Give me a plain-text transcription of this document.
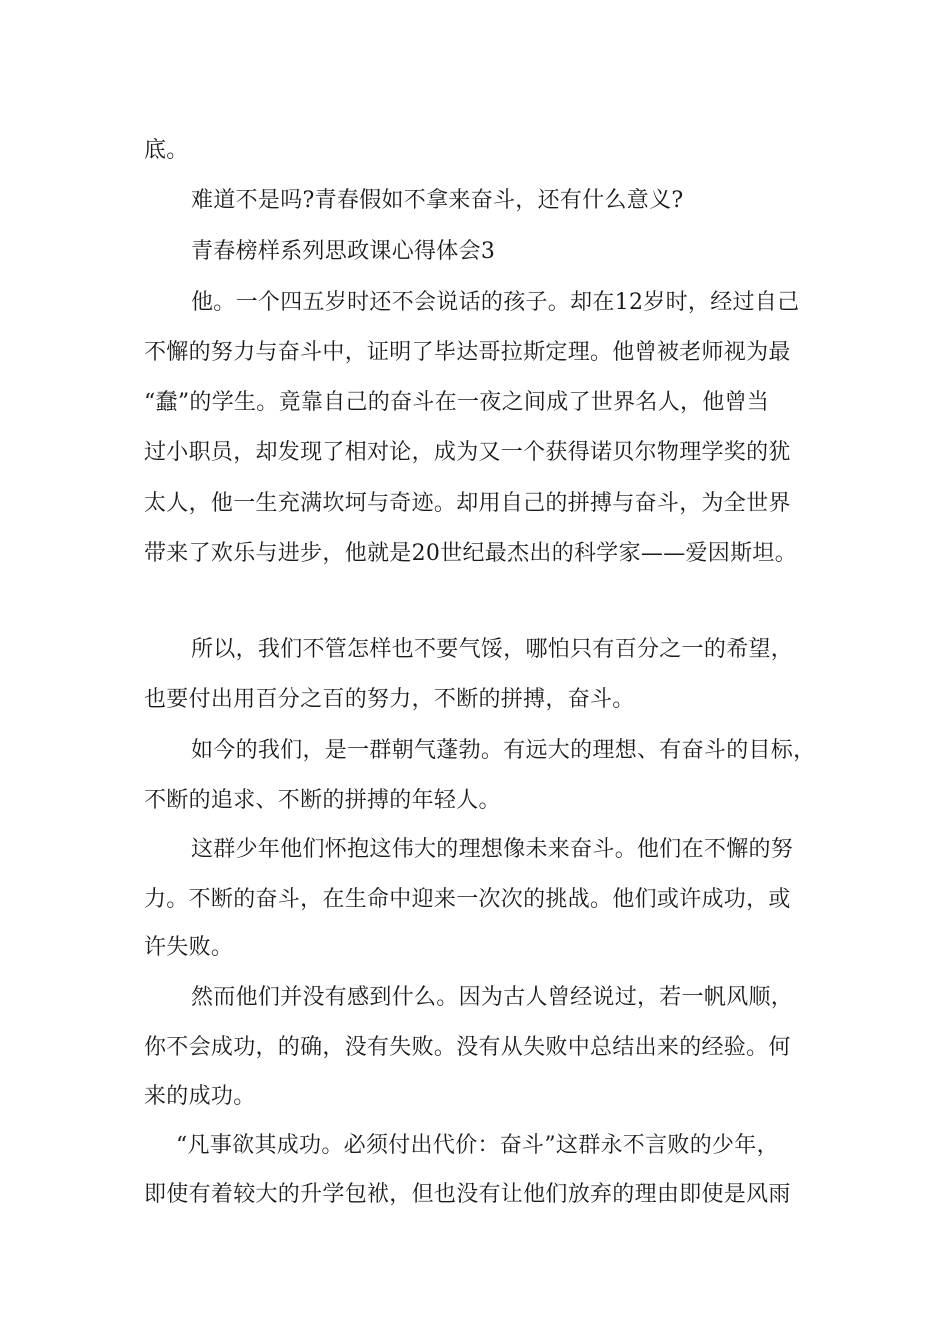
底。

难道不是吗?青春假如不拿来奋斗，还有什么意义?

青春榜样系列思政课心得体会3

他。一个四五岁时还不会说话的孩子。却在12岁时，经过自己

不懈的努力与奋斗中，证明了毕达哥拉斯定理。他曾被老师视为最

“蠢”的学生。竟靠自己的奋斗在一夜之间成了世界名人，他曾当

过小职员，却发现了相对论，成为又一个获得诺贝尔物理学奖的犹

太人，他一生充满坎坷与奇迹。却用自己的拼搏与奋斗，为全世界

带来了欢乐与进步，他就是20世纪最杰出的科学家——爱因斯坦。

所以，我们不管怎样也不要气馁，哪怕只有百分之一的希望，

也要付出用百分之百的努力，不断的拼搏，奋斗。

如今的我们，是一群朝气蓬勃。有远大的理想、有奋斗的目标，

不断的追求、不断的拼搏的年轻人。

这群少年他们怀抱这伟大的理想像未来奋斗。他们在不懈的努

力。不断的奋斗，在生命中迎来一次次的挑战。他们或许成功，或

许失败。

然而他们并没有感到什么。因为古人曾经说过，若一帆风顺，

你不会成功，的确，没有失败。没有从失败中总结出来的经验。何

来的成功。

“凡事欲其成功。必须付出代价：奋斗”这群永不言败的少年，

即使有着较大的升学包袱，但也没有让他们放弃的理由即使是风雨
